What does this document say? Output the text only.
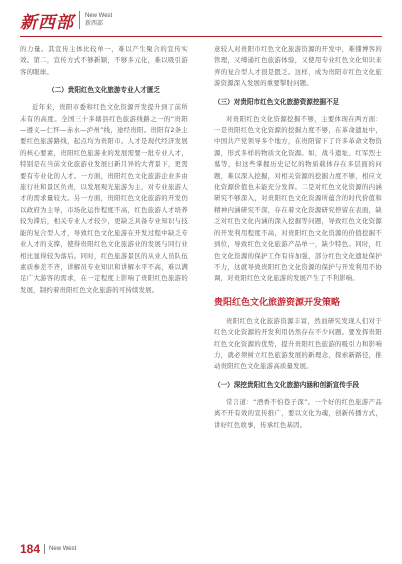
新西部 New West
新西部

的力量。其宣传主体比较单一，难以产生聚合的宣传实效。第二，宣传方式不够新颖，不够多元化，难以吸引游客的眼球。

（二）贵阳红色文化旅游专业人才匮乏

近年来，贵阳市委和红色文化资源开发提升到了前所未有的高度。全国三十多辖县红色旅游线路之一的“贵阳—遵义—仁怀—赤水—泸州”线，途经贵阳。贵阳有2条主要红色旅游路线，起点均为贵阳市。人才是现代经济发展的核心要素，贵阳红色旅游业的发展需要一批专业人才，特别是在当前文化旅游业发展日新月异的大背景下，更需要有专业化的人才。一方面，贵阳红色文化旅游企业多由旅行社和景区负责，以发展观光旅游为主，对专业旅游人才的需求量较大。另一方面，贵阳红色文化旅游的开发仍以政府为主导，市场化运作程度不高，红色旅游人才培养较为滞后，相关专业人才较少，更缺乏具备专业知识与技能的复合型人才，导致红色文化旅游在开发过程中缺乏专业人才的支撑，使得贵阳红色文化旅游业的发展与同行业相比显得较为落后。同时，红色旅游景区的从业人员队伍素质参差不齐，讲解员专业知识和讲解水平不高，难以满足广大游客的需求，在一定程度上影响了贵阳红色旅游的发展，制约着贵阳红色文化旅游的可持续发展。

意较人对贵阳市红色文化旅游资源的开发中，难懂博客的管理，又缚通红色旅游体验，又使用专业红色文化知识来弄的复合型人才很是匮乏。这样，成为贵阳市红色文化旅游资源深入发展的重要掣肘问题。

（三）对贵阳市红色文化旅游资源挖掘不足

对贵阳红色文化资源挖掘不够，主要体现在两方面：一是贵阳红色文化资源的挖掘力度不够，在革命遗址中，中国共产党领导多个地方，在贵阳留下了许多革命文物资源，形式多样的物质文化资源。如，战斗遗址、红军烈士墓等，但这些掌握历史记忆的物质载体存在多层面的问题，难以深入挖掘，对相关资源的挖掘力度不够，相应文化资源价值也未能充分发挥。二是对红色文化资源的内涵研究不够深入，对贵阳红色文化资源所蕴含的时代价值和精神内涵研究不深，存在着文化资源研究停留在表面，缺乏对红色文化内涵的深入挖掘等问题，导致红色文化资源的开发利用程度不高，对贵阳红色文化资源的价值挖掘不到位，导致红色文化旅游产品单一，缺少特色。同时，红色文化资源的保护工作有待加强，部分红色文化遗址保护不力，这就导致贵阳红色文化资源的保护与开发利用不协调，对贵阳红色文化旅游的发展产生了不利影响。

贵阳红色文化旅游资源开发策略

贵阳红色文化旅游资源丰富，然而研究发现人们对于红色文化资源的开发利用仍然存在不少问题。要发挥贵阳红色文化资源的优势，提升贵阳红色旅游的吸引力和影响力，就必须树立红色旅游发展的新理念，探索新路径，推动贵阳红色文化旅游高质量发展。

（一）深挖贵阳红色文化旅游内涵和创新宣传手段

常言道：“酒香不怕巷子深”。一个好的红色旅游产品离不开有效的宣传推广，要以文化为魂，创新传播方式，讲好红色故事，传承红色基因。

184 New West
